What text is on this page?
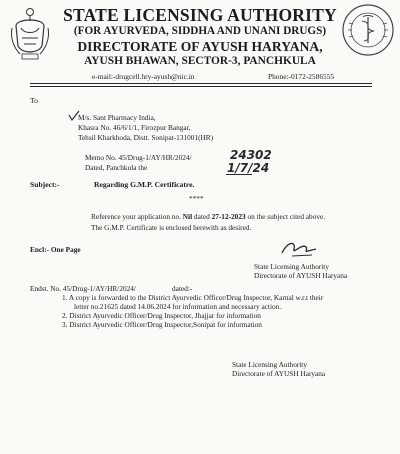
STATE LICENSING AUTHORITY
(FOR AYURVEDA, SIDDHA AND UNANI DRUGS)
DIRECTORATE OF AYUSH HARYANA,
AYUSH BHAWAN, SECTOR-3, PANCHKULA
e-mail:-drugcell.hry-ayush@nic.in	Phone:-0172-2586555
To
M/s. Sant Pharmacy India,
Khasra No. 46/6/1/1, Firozpur Bangar,
Tehsil Kharkhoda, Distt. Sonipat-131001(HR)
Memo No. 45/Drug-1/AY/HR/2024/	24302
Dated, Panchkula the	1/7/24
Subject:-	Regarding G.M.P. Certificatre.
****
Reference your application no. Nil dated 27-12-2023 on the subject cited above.
The G.M.P. Certificate is enclosed herewith as desired.
Encl:- One Page
State Licensing Authority
Directorate of AYUSH Haryana
Endst. No. 45/Drug-1/AY/HR/2024/	dated:-
1. A copy is forwarded to the District Ayurvedic Officer/Drug Inspector, Karnal w.r.t their
letter no.21625 dated 14.06.2024 for information and necessary action.
2. District Ayurvedic Officer/Drug Inspector, Jhajjar for information
3. District Ayurvedic Officer/Drug Inspector,Sonipat for information
State Licensing Authority
Directorate of AYUSH Haryana
